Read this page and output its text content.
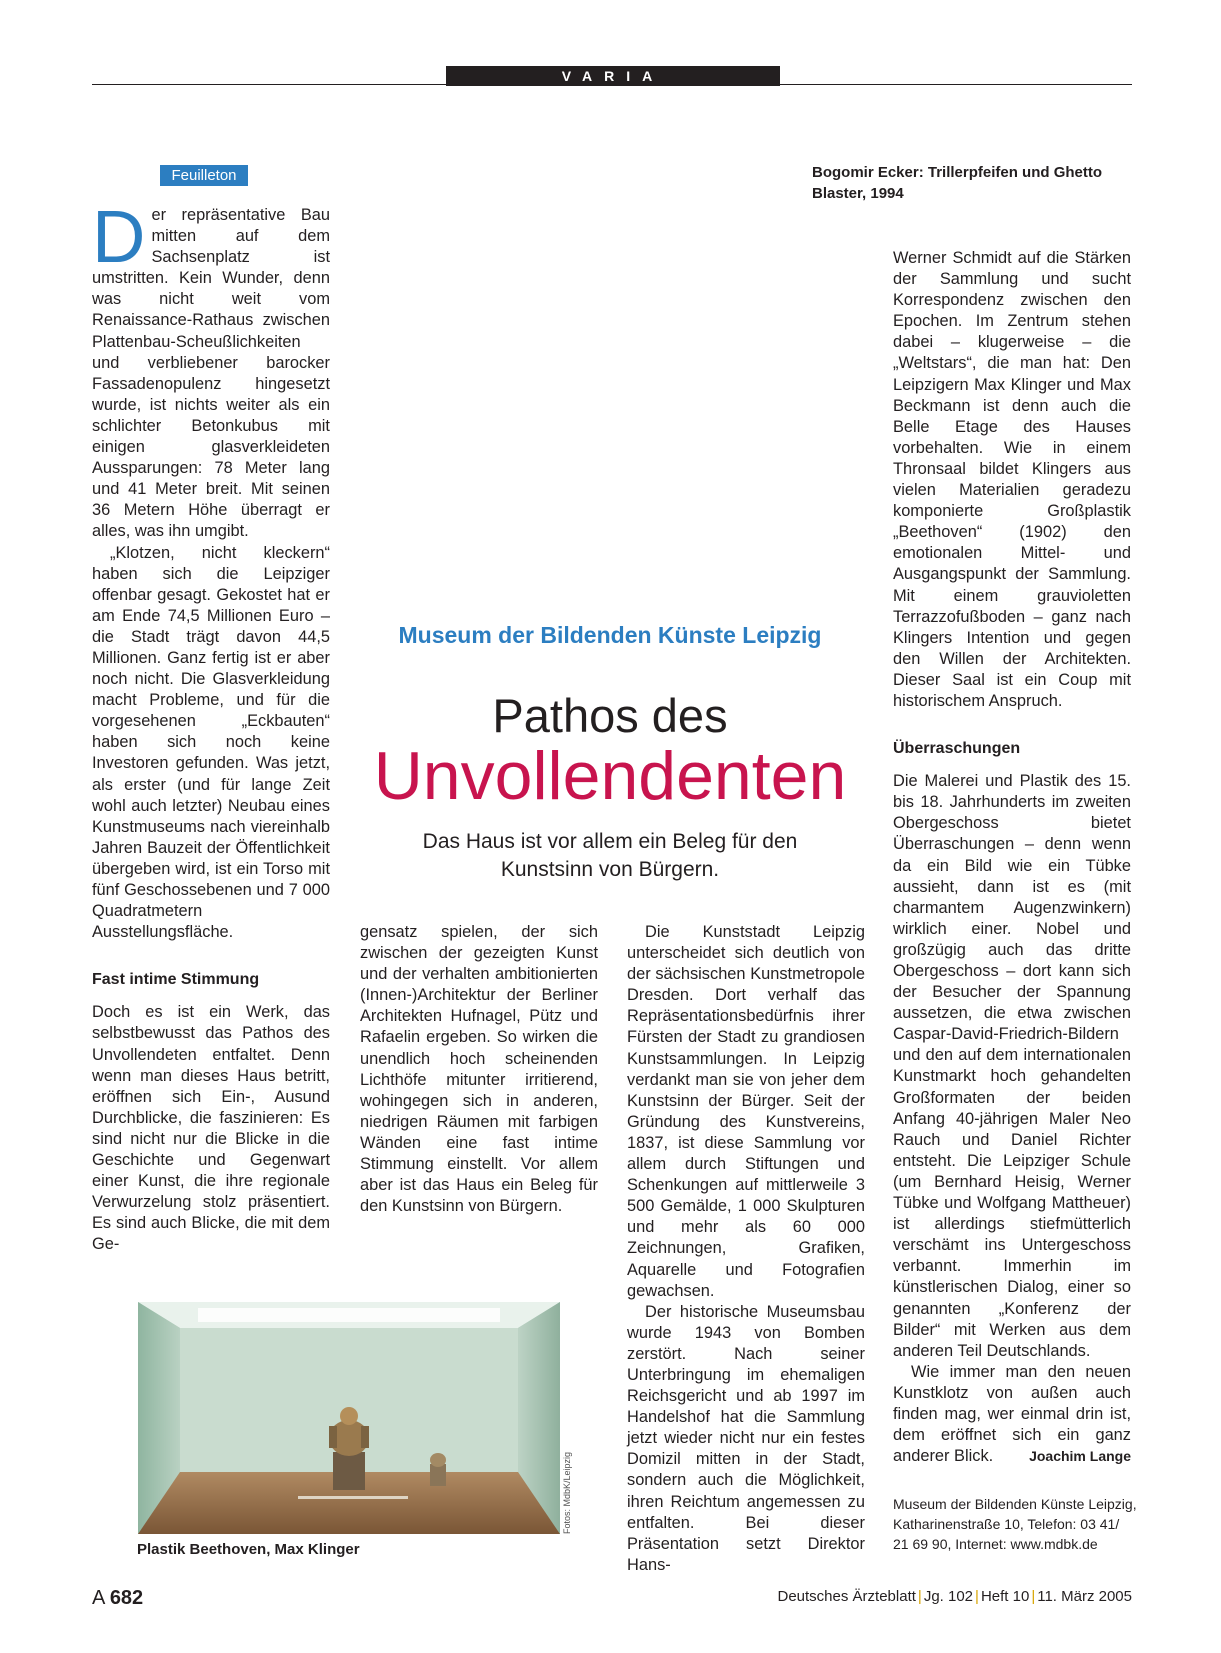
VARIA
Feuilleton	Bogomir Ecker: Trillerpfeifen und Ghetto Blaster, 1994

Der repräsentative Bau mitten auf dem Sachsenplatz ist umstritten. Kein Wunder, denn was nicht weit vom Renaissance-Rathaus zwischen Plattenbau-Scheußlichkeiten und verbliebener barocker Fassadenopulenz hingesetzt wurde, ist nichts weiter als ein schlichter Betonkubus mit einigen glasverkleideten Aussparungen: 78 Meter lang und 41 Meter breit. Mit seinen 36 Metern Höhe überragt er alles, was ihn umgibt.

„Klotzen, nicht kleckern“ haben sich die Leipziger offenbar gesagt. Gekostet hat er am Ende 74,5 Millionen Euro – die Stadt trägt davon 44,5 Millionen. Ganz fertig ist er aber noch nicht. Die Glasverkleidung macht Probleme, und für die vorgesehenen „Eckbauten“ haben sich noch keine Investoren gefunden. Was jetzt, als erster (und für lange Zeit wohl auch letzter) Neubau eines Kunstmuseums nach viereinhalb Jahren Bauzeit der Öffentlichkeit übergeben wird, ist ein Torso mit fünf Geschossebenen und 7 000 Quadratmetern Ausstellungsfläche.

Fast intime Stimmung

Doch es ist ein Werk, das selbstbewusst das Pathos des Unvollendeten entfaltet. Denn wenn man dieses Haus betritt, eröffnen sich Ein-, Ausund Durchblicke, die faszinieren: Es sind nicht nur die Blicke in die Geschichte und Gegenwart einer Kunst, die ihre regionale Verwurzelung stolz präsentiert. Es sind auch Blicke, die mit dem Ge-

Museum der Bildenden Künste Leipzig
Pathos des
Unvollendenten
Das Haus ist vor allem ein Beleg für den Kunstsinn von Bürgern.

gensatz spielen, der sich zwischen der gezeigten Kunst und der verhalten ambitionierten (Innen-)Architektur der Berliner Architekten Hufnagel, Pütz und Rafaelin ergeben. So wirken die unendlich hoch scheinenden Lichthöfe mitunter irritierend, wohingegen sich in anderen, niedrigen Räumen mit farbigen Wänden eine fast intime Stimmung einstellt. Vor allem aber ist das Haus ein Beleg für den Kunstsinn von Bürgern.

Die Kunststadt Leipzig unterscheidet sich deutlich von der sächsischen Kunstmetropole Dresden. Dort verhalf das Repräsentationsbedürfnis ihrer Fürsten der Stadt zu grandiosen Kunstsammlungen. In Leipzig verdankt man sie von jeher dem Kunstsinn der Bürger. Seit der Gründung des Kunstvereins, 1837, ist diese Sammlung vor allem durch Stiftungen und Schenkungen auf mittlerweile 3 500 Gemälde, 1 000 Skulpturen und mehr als 60 000 Zeichnungen, Grafiken, Aquarelle und Fotografien gewachsen.

Der historische Museumsbau wurde 1943 von Bomben zerstört. Nach seiner Unterbringung im ehemaligen Reichsgericht und ab 1997 im Handelshof hat die Sammlung jetzt wieder nicht nur ein festes Domizil mitten in der Stadt, sondern auch die Möglichkeit, ihren Reichtum angemessen zu entfalten. Bei dieser Präsentation setzt Direktor Hans-

Werner Schmidt auf die Stärken der Sammlung und sucht Korrespondenz zwischen den Epochen. Im Zentrum stehen dabei – klugerweise – die „Weltstars“, die man hat: Den Leipzigern Max Klinger und Max Beckmann ist denn auch die Belle Etage des Hauses vorbehalten. Wie in einem Thronsaal bildet Klingers aus vielen Materialien geradezu komponierte Großplastik „Beethoven“ (1902) den emotionalen Mittel- und Ausgangspunkt der Sammlung. Mit einem grauvioletten Terrazzofußboden – ganz nach Klingers Intention und gegen den Willen der Architekten. Dieser Saal ist ein Coup mit historischem Anspruch.

Überraschungen

Die Malerei und Plastik des 15. bis 18. Jahrhunderts im zweiten Obergeschoss bietet Überraschungen – denn wenn da ein Bild wie ein Tübke aussieht, dann ist es (mit charmantem Augenzwinkern) wirklich einer. Nobel und großzügig auch das dritte Obergeschoss – dort kann sich der Besucher der Spannung aussetzen, die etwa zwischen Caspar-David-Friedrich-Bildern und den auf dem internationalen Kunstmarkt hoch gehandelten Großformaten der beiden Anfang 40-jährigen Maler Neo Rauch und Daniel Richter entsteht. Die Leipziger Schule (um Bernhard Heisig, Werner Tübke und Wolfgang Mattheuer) ist allerdings stiefmütterlich verschämt ins Untergeschoss verbannt. Immerhin im künstlerischen Dialog, einer so genannten „Konferenz der Bilder“ mit Werken aus dem anderen Teil Deutschlands.

Wie immer man den neuen Kunstklotz von außen auch finden mag, wer einmal drin ist, dem eröffnet sich ein ganz anderer Blick.	Joachim Lange

Museum der Bildenden Künste Leipzig, Katharinenstraße 10, Telefon: 03 41/ 21 69 90, Internet: www.mdbk.de
Fotos: MdbK/Leipzig
Plastik Beethoven, Max Klinger
A 682	Deutsches Ärzteblatt | Jg. 102 | Heft 10 | 11. März 2005
